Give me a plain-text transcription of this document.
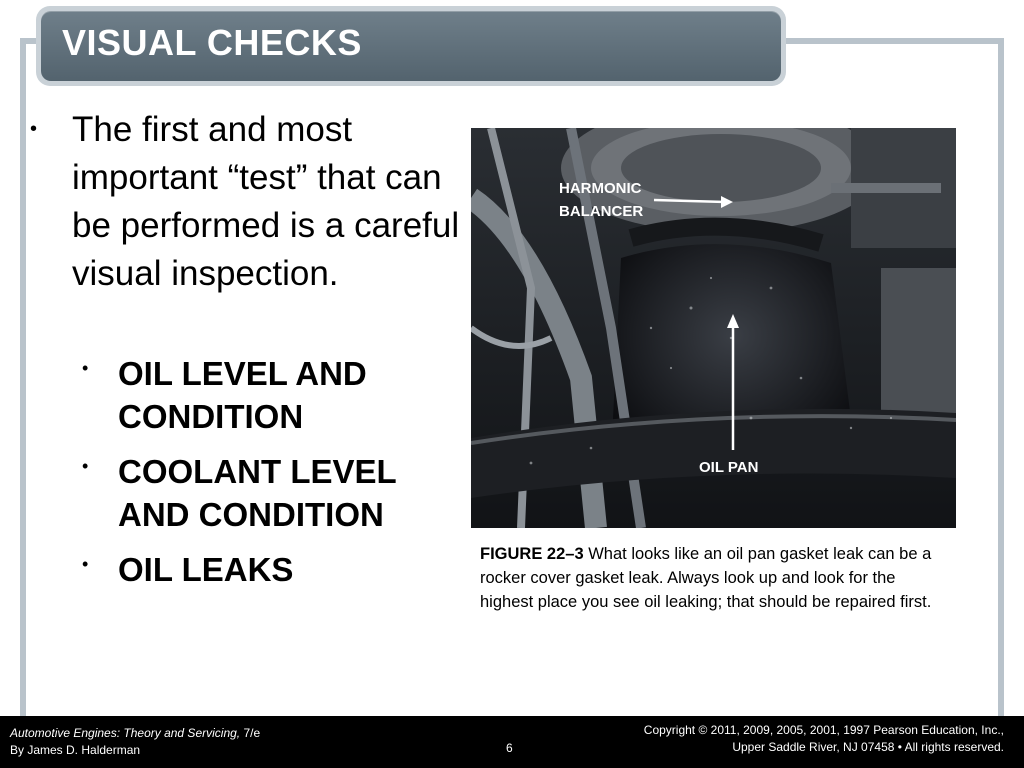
VISUAL CHECKS
• The first and most important “test” that can be performed is a careful visual inspection.

• OIL LEVEL AND CONDITION
• COOLANT LEVEL AND CONDITION
• OIL LEAKS
HARMONIC
BALANCER
OIL PAN

FIGURE 22–3 What looks like an oil pan gasket leak can be a rocker cover gasket leak. Always look up and look for the highest place you see oil leaking; that should be repaired first.

Automotive Engines: Theory and Servicing, 7/e
By James D. Halderman	6
Copyright © 2011, 2009, 2005, 2001, 1997 Pearson Education, Inc.,
Upper Saddle River, NJ 07458 • All rights reserved.
